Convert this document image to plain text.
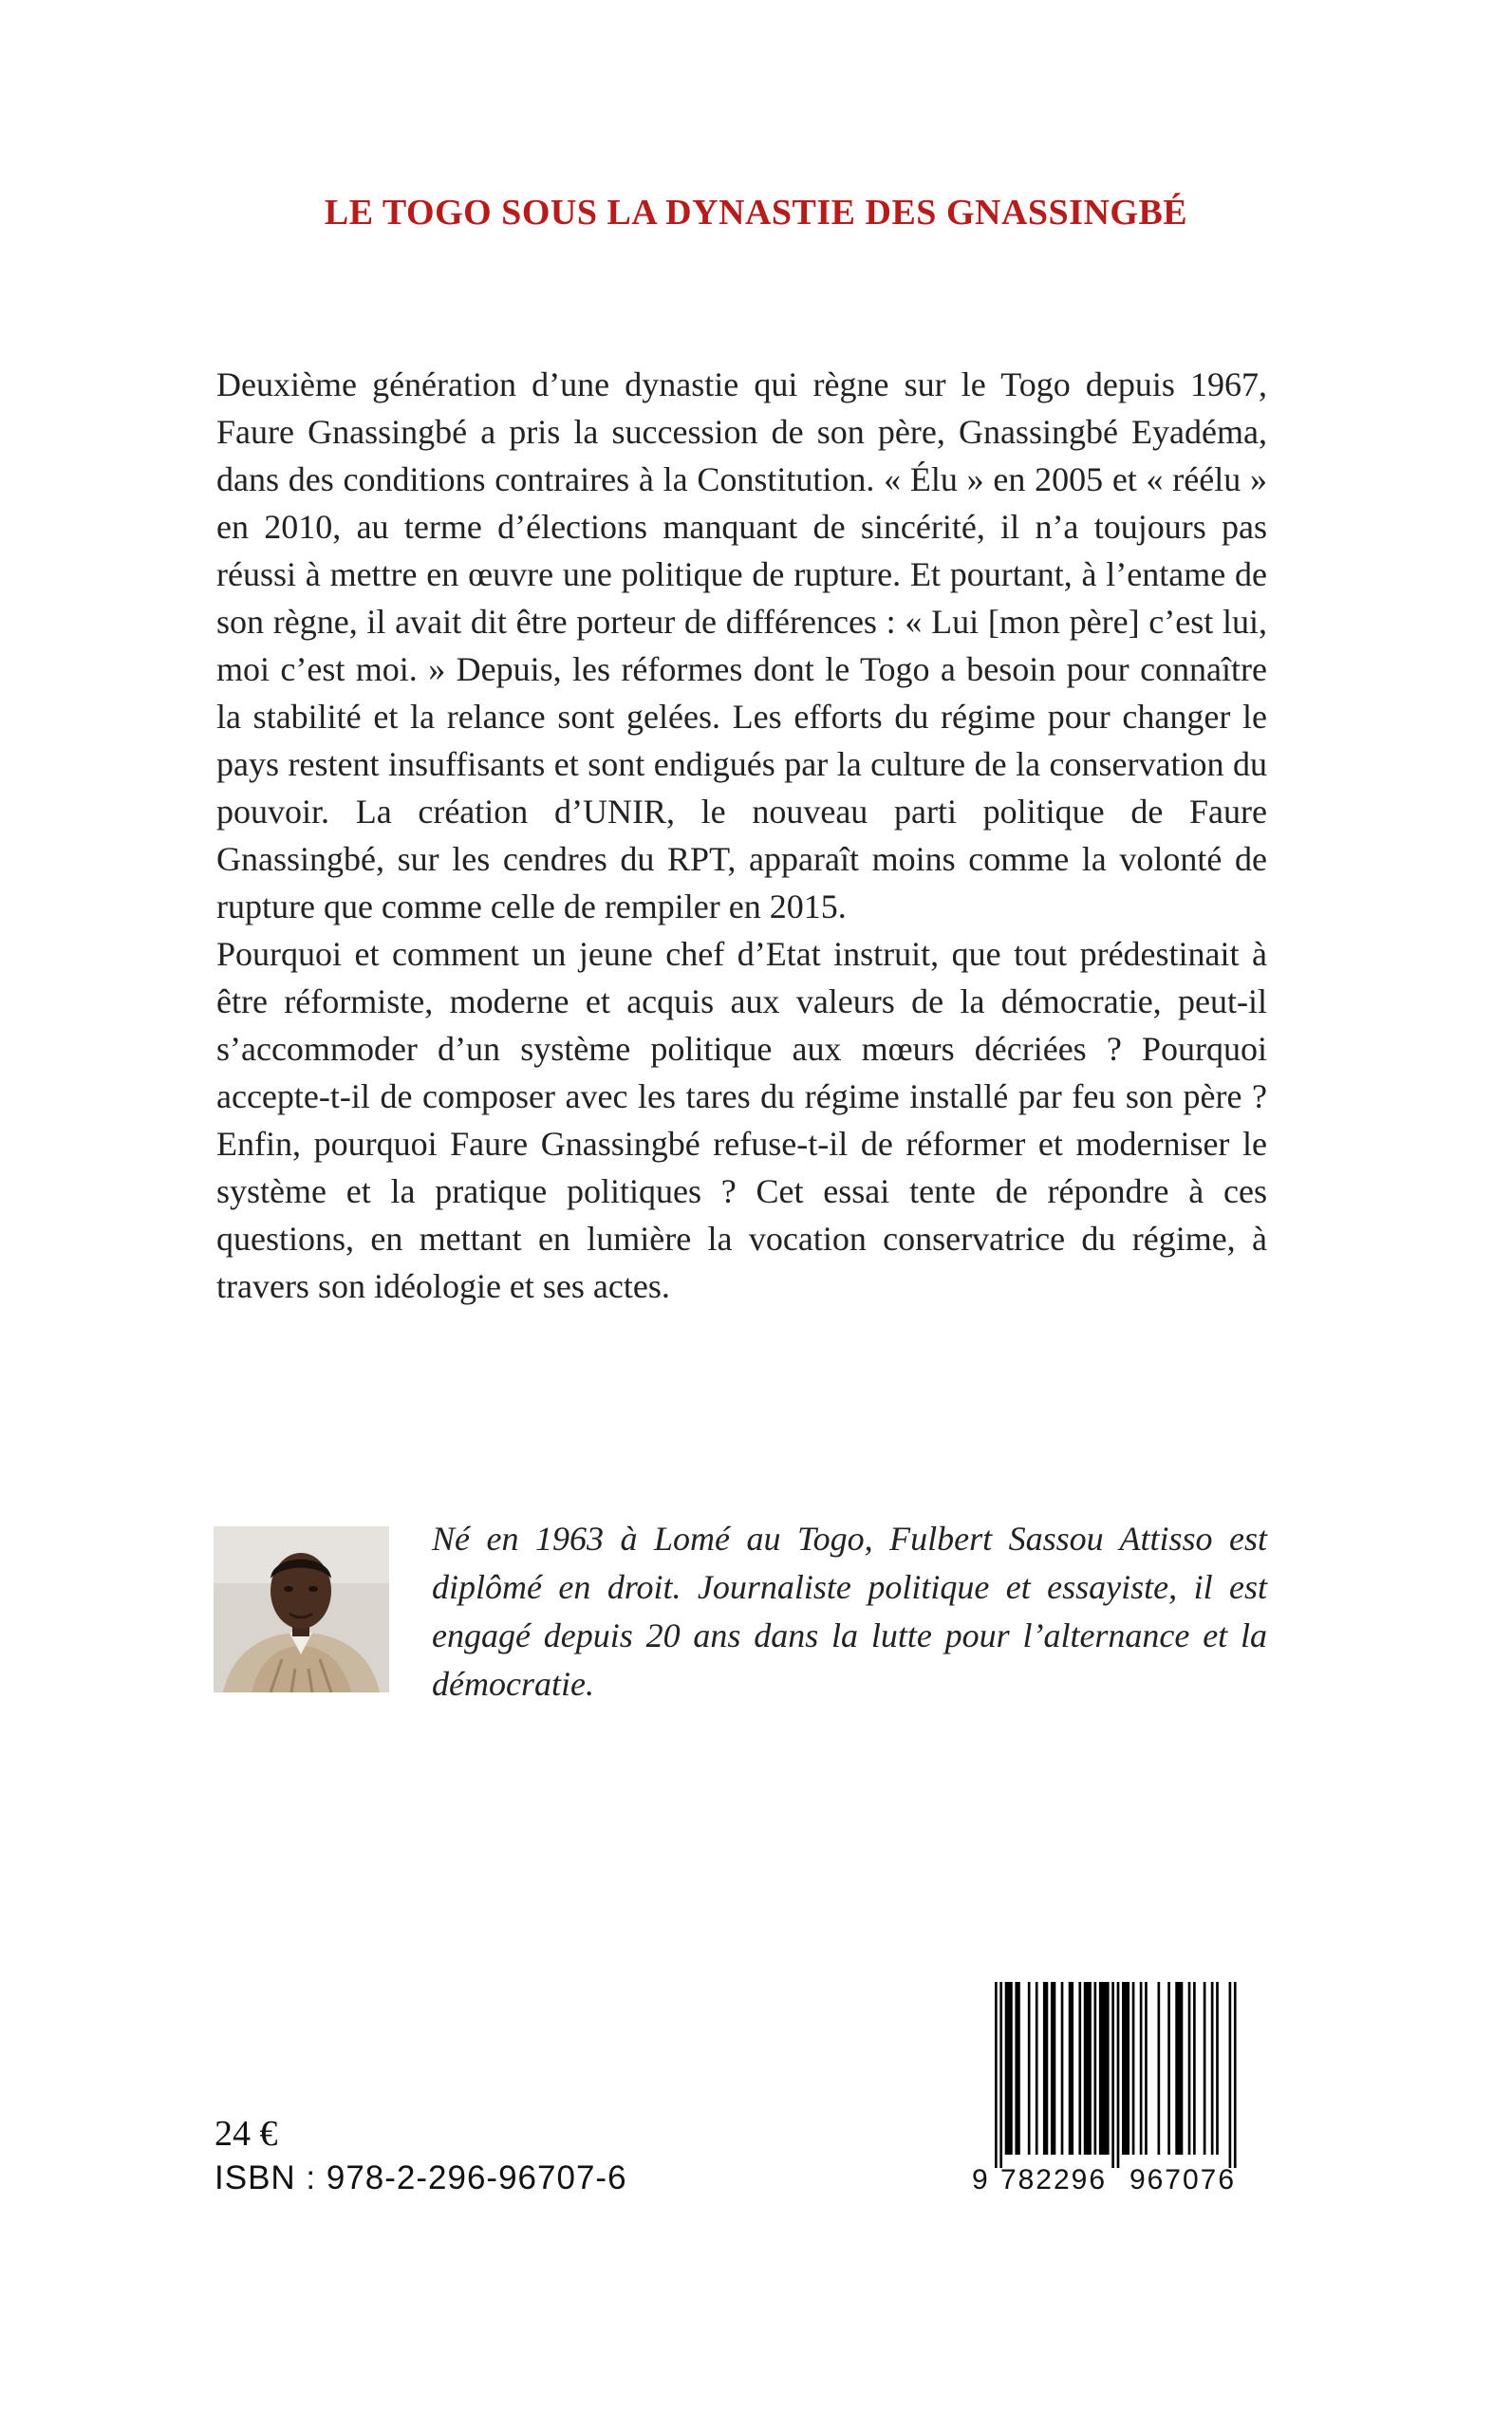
LE TOGO SOUS LA DYNASTIE DES GNASSINGBÉ

Deuxième génération d’une dynastie qui règne sur le Togo depuis 1967, Faure Gnassingbé a pris la succession de son père, Gnassingbé Eyadéma, dans des conditions contraires à la Constitution. « Élu » en 2005 et « réélu » en 2010, au terme d’élections manquant de sincérité, il n’a toujours pas réussi à mettre en œuvre une politique de rupture. Et pourtant, à l’entame de son règne, il avait dit être porteur de différences : « Lui [mon père] c’est lui, moi c’est moi. » Depuis, les réformes dont le Togo a besoin pour connaître la stabilité et la relance sont gelées. Les efforts du régime pour changer le pays restent insuffisants et sont endigués par la culture de la conservation du pouvoir. La création d’UNIR, le nouveau parti politique de Faure Gnassingbé, sur les cendres du RPT, apparaît moins comme la volonté de rupture que comme celle de rempiler en 2015.

Pourquoi et comment un jeune chef d’Etat instruit, que tout prédestinait à être réformiste, moderne et acquis aux valeurs de la démocratie, peut-il s’accommoder d’un système politique aux mœurs décriées ? Pourquoi accepte-t-il de composer avec les tares du régime installé par feu son père ? Enfin, pourquoi Faure Gnassingbé refuse-t-il de réformer et moderniser le système et la pratique politiques ? Cet essai tente de répondre à ces questions, en mettant en lumière la vocation conservatrice du régime, à travers son idéologie et ses actes.

Né en 1963 à Lomé au Togo, Fulbert Sassou Attisso est diplômé en droit. Journaliste politique et essayiste, il est engagé depuis 20 ans dans la lutte pour l’alternance et la démocratie.
24 €
ISBN : 978-2-296-96707-6	9 782296 967076
